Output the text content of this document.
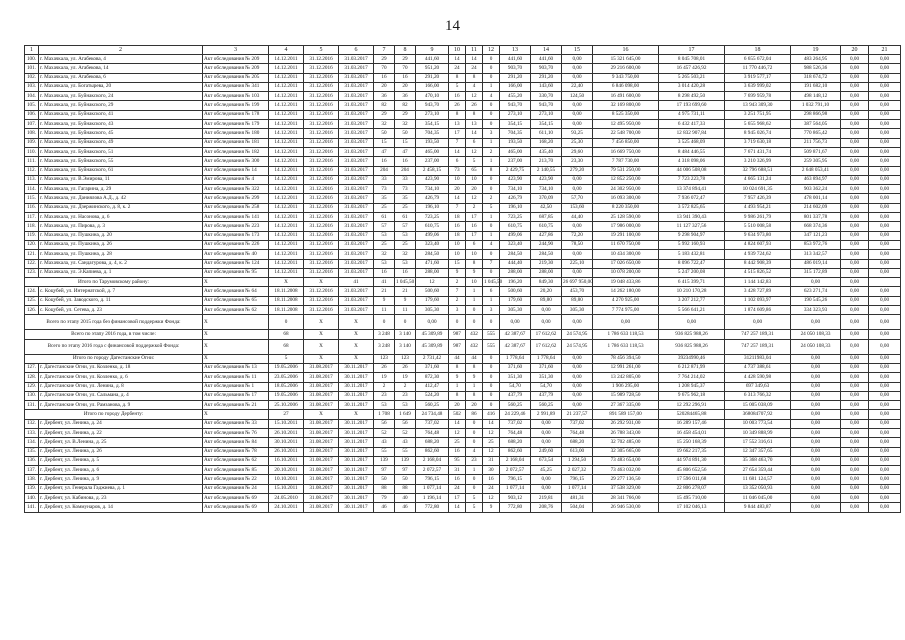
14
1	2	3	4	5	6	7	8	9	10	11	12	13	14	15	16	17	18	19	20	21
100.	г. Махачкала, ул. Агабекова, 4	Акт обследования № 209	14.12.2011	31.12.2016	31.03.2017	29	29	441,60	14	14	0	441,60	441,60	0,00	15 321 645,00	8 045 708,01	6 655 672,04	483 264,95	0,00	0,00
101.	г. Махачкала, ул. Агабекова, 14	Акт обследования № 209	14.12.2011	31.12.2016	31.03.2017	70	70	951,20	24	24	0	903,70	903,70	0,00	29 216 600,00	16 457 426,92	11 770 446,72	988 526,36	0,00	0,00
102.	г. Махачкала, ул. Агабекова, 6	Акт обследования № 205	14.12.2011	31.12.2016	31.03.2017	16	16	291,20	8	8	0	291,20	291,20	0,00	9 343 750,00	5 265 503,21	3 919 577,17	318 674,72	0,00	0,00
103.	г. Махачкала, ул. Богатырева, 20	Акт обследования № 341	14.12.2011	31.12.2016	31.03.2017	20	20	166,00	5	4	1	166,00	143,60	22,40	6 846 098,00	3 014 420,28	3 639 999,02	191 682,10	0,00	0,00
104.	г. Махачкала, ул. Буйнакского, 24	Акт обследования № 103	14.12.2011	31.12.2016	31.03.2017	36	36	470,10	16	12	4	455,20	330,70	124,50	16 491 600,00	8 298 492,50	7 699 959,78	498 148,12	0,00	0,00
105.	г. Махачкала, ул. Буйнакского, 29	Акт обследования № 199	14.12.2011	31.12.2016	31.03.2017	82	82	943,70	26	26	0	943,70	943,70	0,00	32 169 800,00	17 193 699,60	13 943 309,30	1 032 791,10	0,00	0,00
106.	г. Махачкала, ул. Буйнакского, 41	Акт обследования № 178	14.12.2011	31.12.2016	31.03.2017	29	29	273,10	8	8	0	273,10	273,10	0,00	8 525 350,00	4 975 731,11	3 251 751,95	298 866,98	0,00	0,00
107.	г. Махачкала, ул. Буйнакского, 43	Акт обследования № 179	14.12.2011	31.12.2016	31.03.2017	32	32	354,15	13	13	0	354,15	354,15	0,00	12 495 950,00	6 432 417,33	5 655 968,62	387 564,05	0,00	0,00
108.	г. Махачкала, ул. Буйнакского, 45	Акт обследования № 180	14.12.2011	31.12.2016	31.03.2017	50	50	704,35	17	14	3	704,35	611,10	93,25	22 548 700,00	12 832 907,84	8 945 026,74	770 865,42	0,00	0,00
109.	г. Махачкала, ул. Буйнакского, 49	Акт обследования № 181	14.12.2011	31.12.2016	31.03.2017	15	15	193,50	7	6	1	193,50	168,20	25,30	7 456 850,00	3 525 468,09	3 719 630,18	211 756,73	0,00	0,00
110.	г. Махачкала, ул. Буйнакского, 51	Акт обследования № 182	14.12.2011	31.12.2016	31.03.2017	47	47	465,00	14	12	2	465,00	435,40	29,60	16 669 750,00	8 484 446,55	7 671 431,74	509 871,67	0,00	0,00
111.	г. Махачкала, ул. Буйнакского, 55	Акт обследования № 300	14.12.2011	31.12.2016	31.03.2017	16	16	237,00	6	5	1	237,00	213,70	23,30	7 787 730,00	4 318 098,06	3 210 326,99	259 305,95	0,00	0,00
112.	г. Махачкала, ул. Буйнакского, 61	Акт обследования № 14	14.12.2011	31.12.2016	31.03.2017	204	204	2 458,15	73	65	8	2 429,75	2 140,55	279,20	79 531 250,00	44 006 508,08	32 796 688,51	2 648 053,41	0,00	0,00
113.	г. Махачкала, ул. В.Эмирова, 11	Акт обследования № 4	14.12.2011	31.12.2016	31.03.2017	33	33	423,90	10	10	0	423,90	423,90	0,00	12 852 250,00	7 723 223,78	4 665 131,24	463 894,97	0,00	0,00
114.	г. Махачкала, ул. Гагарина, д. 29	Акт обследования № 322	14.12.2011	31.12.2016	31.03.2017	73	73	734,10	20	20	0	734,10	734,10	0,00	24 302 950,00	13 374 894,41	10 024 691,35	903 362,24	0,00	0,00
115.	г. Махачкала, ул. Даниялова А.Д., д. 42	Акт обследования № 299	14.12.2011	31.12.2016	31.03.2017	35	35	426,79	14	12	2	426,79	370,09	57,70	16 093 300,00	7 936 072,47	7 957 426,39	478 001,14	0,00	0,00
116.	г. Махачкала, ул. Дзержинского, д. 8, к. 2	Акт обследования № 258	14.12.2011	31.12.2016	31.03.2017	25	25	196,10	7	2	5	196,10	42,50	153,60	8 220 350,00	3 572 825,65	4 493 954,21	214 602,09	0,00	0,00
117.	г. Махачкала, ул. Насонова, д. 6	Акт обследования № 141	14.12.2011	31.12.2016	31.03.2017	61	61	723,25	18	17	1	723,25	687,85	44,40	25 128 590,00	13 941 390,43	9 986 261,79	801 337,78	0,00	0,00
118.	г. Махачкала, ул. Пирова, д. 3	Акт обследования № 223	14.12.2011	31.12.2016	31.03.2017	57	57	610,75	16	16	0	610,75	610,75	0,00	17 986 000,00	11 127 327,56	5 510 008,58	668 374,36	0,00	0,00
119.	г. Махачкала, ул. Пушкина, д. 20	Акт обследования № 173	14.12.2011	31.12.2016	31.03.2017	53	53	499,06	18	17	1	499,06	427,86	72,20	19 291 100,00	9 298 904,97	9 634 973,80	347 121,23	0,00	0,00
120.	г. Махачкала, ул. Пушкина, д. 26	Акт обследования № 226	14.12.2011	31.12.2016	31.03.2017	25	25	323,40	10	6	4	323,40	244,90	78,50	11 670 750,00	5 992 160,93	4 824 607,93	853 972,76	0,00	0,00
121.	г. Махачкала, ул. Пушкина, д. 28	Акт обследования № 40	14.12.2011	31.12.2016	31.03.2017	32	32	284,50	10	10	0	284,50	284,50	0,00	10 434 300,00	5 183 432,81	4 939 724,62	313 342,57	0,00	0,00
122.	г. Махачкала, ул. Сандагурова, д. 4, к. 2	Акт обследования № 124	14.12.2011	31.12.2016	31.03.2017	53	53	471,60	15	8	7	444,40	219,30	225,10	17 026 650,00	8 096 722,47	8 442 908,39	486 019,14	0,00	0,00
123.	г. Махачкала, ул. Э.Капиева, д. 1	Акт обследования № 95	14.12.2011	31.12.2016	31.03.2017	16	16	288,00	9	9	0	288,00	288,00	0,00	10 078 200,00	5 247 200,08	4 515 826,52	315 172,89	0,00	0,00
Итого по Тарумовскому району:		X	X	X	41	41	1 045,50	12	2	10	1 045,50	196,20	849,30	26 697 950,00	19 048 433,86	6 415 399,71	1 144 142,83	0,00	0,00	
124.	с. Коцубей, ул. Интернатской, д. 7	Акт обследования № 64	18.11.2008	31.12.2016	31.03.2017	21	21	500,60	7	1	6	500,60	20,20	453,70	14 262 180,00	10 210 170,28	3 428 727,89	623 271,74	0,00	0,00
125.	с. Коцубей, ул. Заводского, д. 11	Акт обследования № 65	18.11.2008	31.12.2016	31.03.2017	9	9	179,60	2	1	1	179,60	89,80	89,80	4 270 925,00	3 207 212,77	1 102 093,97	190 545,26	0,00	0,00
126.	с. Коцубей, ул. Сетева, д. 23	Акт обследования № 62	18.11.2008	31.12.2016	31.03.2017	11	11	305,30	3	0	3	305,30	0,00	305,30	7 774 975,00	5 566 641,21	1 874 609,86	334 323,93	0,00	0,00
Всего по этапу 2015 года без финансовой поддержки Фонда:		X	0	X	X	0	0	0,00	0	0	0	0,00	0,00	0,00	0,00	0,00	0,00	0,00	0,00	0,00
Всего по этапу 2016 года, в том числе:		X	68	X	X	3 248	3 140	45 309,89	987	432	555	42 387,67	17 612,62	24 574,95	1 786 633 118,53	936 825 988,26	747 257 189,31	24 050 108,33	0,00	0,00
Всего по этапу 2016 года с финансовой поддержкой Фонда:		X	68	X	X	3 248	3 140	45 309,89	987	432	555	42 387,67	17 612,62	24 574,95	1 786 633 118,53	936 825 988,26	747 257 189,31	24 050 108,33	0,00	0,00
Итого по городу Дагестанские Огни:		X	5	X	X	123	123	2 731,42	44	44	0	1 778,64	1 778,64	0,00	78 456 394,50	39234990,46	31211983,04	0,00	0,00	0,00
127.	г. Дагестанские Огни, ул. Козленко, д. 18	Акт обследования № 13	19.05.2006	31.08.2017	30.11.2017	26	26	371,60	8	8	0	371,60	371,60	0,00	12 991 261,00	6 212 871,99	4 737 388,61	0,00	0,00	0,00
128.	г. Дагестанские Огни, ул. Козленко, д. 6	Акт обследования № 11	23.05.2006	31.08.2017	30.11.2017	19	19	872,30	9	9	0	351,30	351,30	0,00	13 242 805,00	7 764 214,02	4 428 590,98	0,00	0,00	0,00
129.	г. Дагестанские Огни, ул. Ленина, д. 8	Акт обследования № 1	18.05.2006	31.08.2017	30.11.2017	2	2	412,47	1	1	0	54,70	54,70	0,00	1 906 295,00	1 208 945,37	697 349,63	0,00	0,00	0,00
130.	г. Дагестанские Огни, ул. Сальмана, д. 4	Акт обследования № 17	19.05.2006	31.08.2017	30.11.2017	23	23	524,20	8	8	0	437,79	437,79	0,00	15 989 728,50	9 675 962,18	6 313 766,32	0,00	0,00	0,00
131.	г. Дагестанские Огни, ул. Рамзанова, д. 9	Акт обследования № 21	25.10.2006	31.08.2017	30.11.2017	53	53	560,25	20	20	0	560,25	560,25	0,00	27 367 335,00	12 292 296,91	15 005 038,09	0,00	0,00	0,00
Итого по городу Дербенту:		X	27	X	X	1 708	1 649	24 734,48	502	86	416	24 229,46	2 991,89	21 237,57	891 589 157,00	520284465,88	368084707,92	0,00	0,00	0,00
132.	г. Дербент, ул. Ленина, д. 24	Акт обследования № 33	15.10.2011	31.08.2017	30.11.2017	56	56	737,02	14	0	14	737,02	0,00	737,02	26 292 931,00	16 289 157,46	10 003 773,54	0,00	0,00	0,00
133.	г. Дербент, ул. Ленина, д. 22	Акт обследования № 76	26.10.2011	31.08.2017	30.11.2017	52	52	764,48	12	0	12	764,48	0,00	764,48	26 788 343,00	16 458 454,01	10 349 888,99	0,00	0,00	0,00
134.	г. Дербент, ул. В.Ленина, д. 25	Акт обследования № 84	30.10.2011	31.08.2017	30.11.2017	43	43	688,20	25	0	25	688,20	0,00	688,20	32 702 485,00	15 250 168,39	17 552 316,61	0,00	0,00	0,00
135.	г. Дербент, ул. Ленина, д. 26	Акт обследования № 78	26.10.2011	31.08.2017	30.11.2017	55	55	862,60	16	4	12	862,60	249,60	613,00	32 305 665,00	19 662 217,35	12 347 357,65	0,00	0,00	0,00
136.	г. Дербент, ул. Ленина, д. 5	Акт обследования № 62	16.10.2011	31.08.2017	30.11.2017	139	139	2 168,04	95	23	31	2 168,04	673,54	1 294,50	73 483 654,00	44 974 891,30	35 368 463,70	0,00	0,00	0,00
137.	г. Дербент, ул. Ленина, д. 6	Акт обследования № 85	20.10.2011	31.08.2017	30.11.2017	97	97	2 072,57	31	1	30	2 072,57	45,25	2 027,32	73 463 032,00	45 806 652,56	27 654 359,44	0,00	0,00	0,00
138.	г. Дербент, ул. Ленина, д. 9	Акт обследования № 22	10.10.2011	31.08.2017	30.11.2017	50	50	796,15	16	0	16	796,15	0,00	796,15	29 277 136,50	17 596 011,68	11 681 124,57	0,00	0,00	0,00
139.	г. Дербент, ул. Генерала Гаджиева, д. 1	Акт обследования № 24	15.10.2011	31.08.2017	30.11.2017	88	88	1 077,14	24	0	24	1 077,14	0,00	1 077,14	37 538 329,00	22 806 278,07	13 352 050,93	0,00	0,00	0,00
140.	г. Дербент, ул. Кабинова, д. 23	Акт обследования № 69	24.05.2010	31.08.2017	30.11.2017	79	40	1 196,14	17	5	12	903,12	219,81	481,31	28 341 766,00	15 495 710,00	11 046 045,00	0,00	0,00	0,00
141.	г. Дербент, ул. Коммунаров, д. 14	Акт обследования № 69	24.10.2011	31.08.2017	30.11.2017	46	46	772,80	14	5	9	772,80	208,76	504,04	26 946 530,00	17 102 046,13	9 844 483,87	0,00	0,00	0,00
